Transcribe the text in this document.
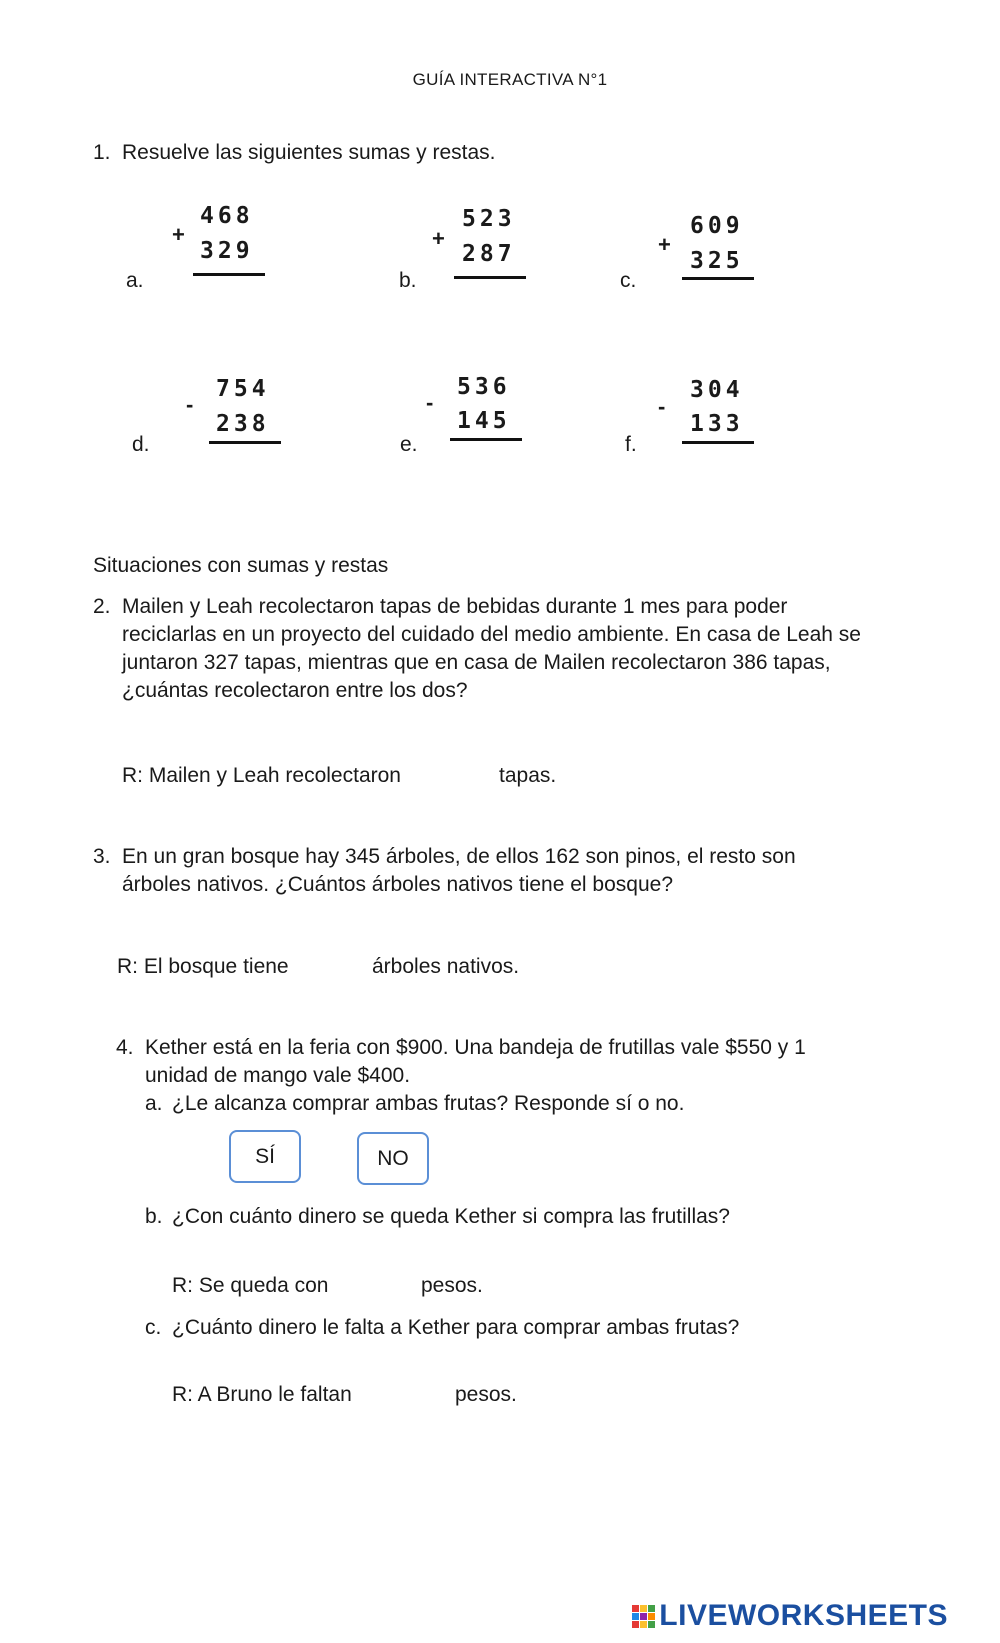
GUÍA INTERACTIVA N°1
1. Resuelve las siguientes sumas y restas.
a.
+
468
329
b.
+
523
287
c.
+
609
325
d.
-
754
238
e.
-
536
145
f.
-
304
133
Situaciones con sumas y restas
2. Mailen y Leah recolectaron tapas de bebidas durante 1 mes para poder
reciclarlas en un proyecto del cuidado del medio ambiente. En casa de Leah se
juntaron 327 tapas, mientras que en casa de Mailen recolectaron 386 tapas,
¿cuántas recolectaron entre los dos?
R: Mailen y Leah recolectaron	tapas.
3. En un gran bosque hay 345 árboles, de ellos 162 son pinos, el resto son
árboles nativos. ¿Cuántos árboles nativos tiene el bosque?
R: El bosque tiene	árboles nativos.
4. Kether está en la feria con $900. Una bandeja de frutillas vale $550 y 1
unidad de mango vale $400.
a. ¿Le alcanza comprar ambas frutas? Responde sí o no.
SÍ	NO
b. ¿Con cuánto dinero se queda Kether si compra las frutillas?
R: Se queda con	pesos.
c. ¿Cuánto dinero le falta a Kether para comprar ambas frutas?
R: A Bruno le faltan	pesos.
LIVEWORKSHEETS
